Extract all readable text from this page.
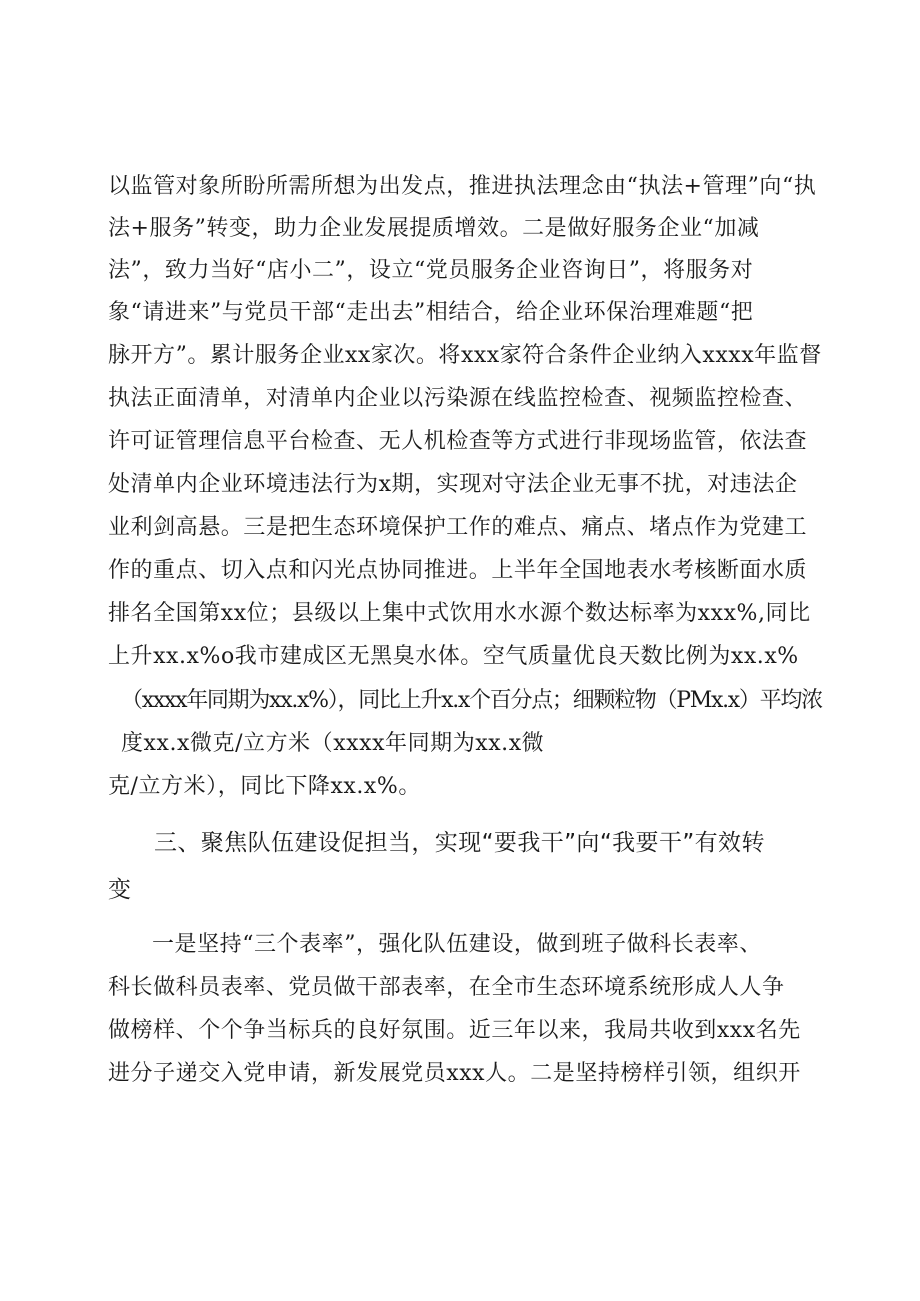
以监管对象所盼所需所想为出发点，推进执法理念由“执法+管理”向“执
法+服务”转变，助力企业发展提质增效。二是做好服务企业“加减
法”，致力当好“店小二”，设立“党员服务企业咨询日”，将服务对
象“请进来”与党员干部“走出去”相结合，给企业环保治理难题“把
脉开方”。累计服务企业xx家次。将xxx家符合条件企业纳入xxxx年监督
执法正面清单，对清单内企业以污染源在线监控检查、视频监控检查、
许可证管理信息平台检查、无人机检查等方式进行非现场监管，依法查
处清单内企业环境违法行为x期，实现对守法企业无事不扰，对违法企
业利剑高悬。三是把生态环境保护工作的难点、痛点、堵点作为党建工
作的重点、切入点和闪光点协同推进。上半年全国地表水考核断面水质
排名全国第xx位；县级以上集中式饮用水水源个数达标率为xxx%,同比
上升xx.x%o我市建成区无黑臭水体。空气质量优良天数比例为xx.x%
（xxxx年同期为xx.x%），同比上升x.x个百分点；细颗粒物（PMx.x）平均浓
度xx.x微克/立方米（xxxx年同期为xx.x微
克/立方米），同比下降xx.x%。
三、聚焦队伍建设促担当，实现“要我干”向“我要干”有效转
变
一是坚持“三个表率”，强化队伍建设，做到班子做科长表率、
科长做科员表率、党员做干部表率，在全市生态环境系统形成人人争
做榜样、个个争当标兵的良好氛围。近三年以来，我局共收到xxx名先
进分子递交入党申请，新发展党员xxx人。二是坚持榜样引领，组织开
